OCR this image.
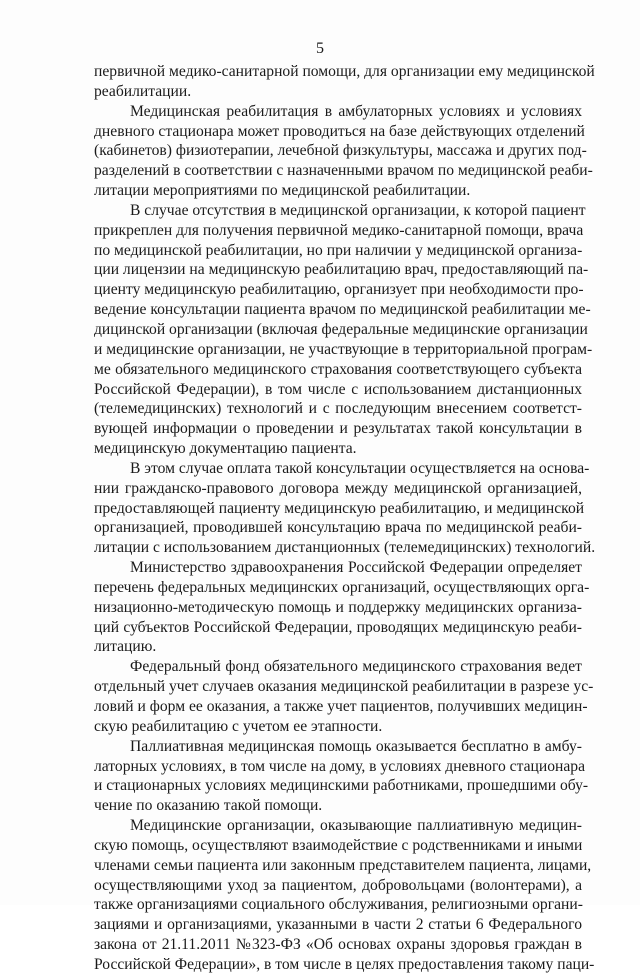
5
первичной медико-санитарной помощи, для организации ему медицинской
реабилитации.
Медицинская реабилитация в амбулаторных условиях и условиях
дневного стационара может проводиться на базе действующих отделений
(кабинетов) физиотерапии, лечебной физкультуры, массажа и других под-
разделений в соответствии с назначенными врачом по медицинской реаби-
литации мероприятиями по медицинской реабилитации.
В случае отсутствия в медицинской организации, к которой пациент
прикреплен для получения первичной медико-санитарной помощи, врача
по медицинской реабилитации, но при наличии у медицинской организа-
ции лицензии на медицинскую реабилитацию врач, предоставляющий па-
циенту медицинскую реабилитацию, организует при необходимости про-
ведение консультации пациента врачом по медицинской реабилитации ме-
дицинской организации (включая федеральные медицинские организации
и медицинские организации, не участвующие в территориальной програм-
ме обязательного медицинского страхования соответствующего субъекта
Российской Федерации), в том числе с использованием дистанционных
(телемедицинских) технологий и с последующим внесением соответст-
вующей информации о проведении и результатах такой консультации в
медицинскую документацию пациента.
В этом случае оплата такой консультации осуществляется на основа-
нии гражданско-правового договора между медицинской организацией,
предоставляющей пациенту медицинскую реабилитацию, и медицинской
организацией, проводившей консультацию врача по медицинской реаби-
литации с использованием дистанционных (телемедицинских) технологий.
Министерство здравоохранения Российской Федерации определяет
перечень федеральных медицинских организаций, осуществляющих орга-
низационно-методическую помощь и поддержку медицинских организа-
ций субъектов Российской Федерации, проводящих медицинскую реаби-
литацию.
Федеральный фонд обязательного медицинского страхования ведет
отдельный учет случаев оказания медицинской реабилитации в разрезе ус-
ловий и форм ее оказания, а также учет пациентов, получивших медицин-
скую реабилитацию с учетом ее этапности.
Паллиативная медицинская помощь оказывается бесплатно в амбу-
латорных условиях, в том числе на дому, в условиях дневного стационара
и стационарных условиях медицинскими работниками, прошедшими обу-
чение по оказанию такой помощи.
Медицинские организации, оказывающие паллиативную медицин-
скую помощь, осуществляют взаимодействие с родственниками и иными
членами семьи пациента или законным представителем пациента, лицами,
осуществляющими уход за пациентом, добровольцами (волонтерами), а
также организациями социального обслуживания, религиозными органи-
зациями и организациями, указанными в части 2 статьи 6 Федерального
закона от 21.11.2011 №323-ФЗ «Об основах охраны здоровья граждан в
Российской Федерации», в том числе в целях предоставления такому паци-
